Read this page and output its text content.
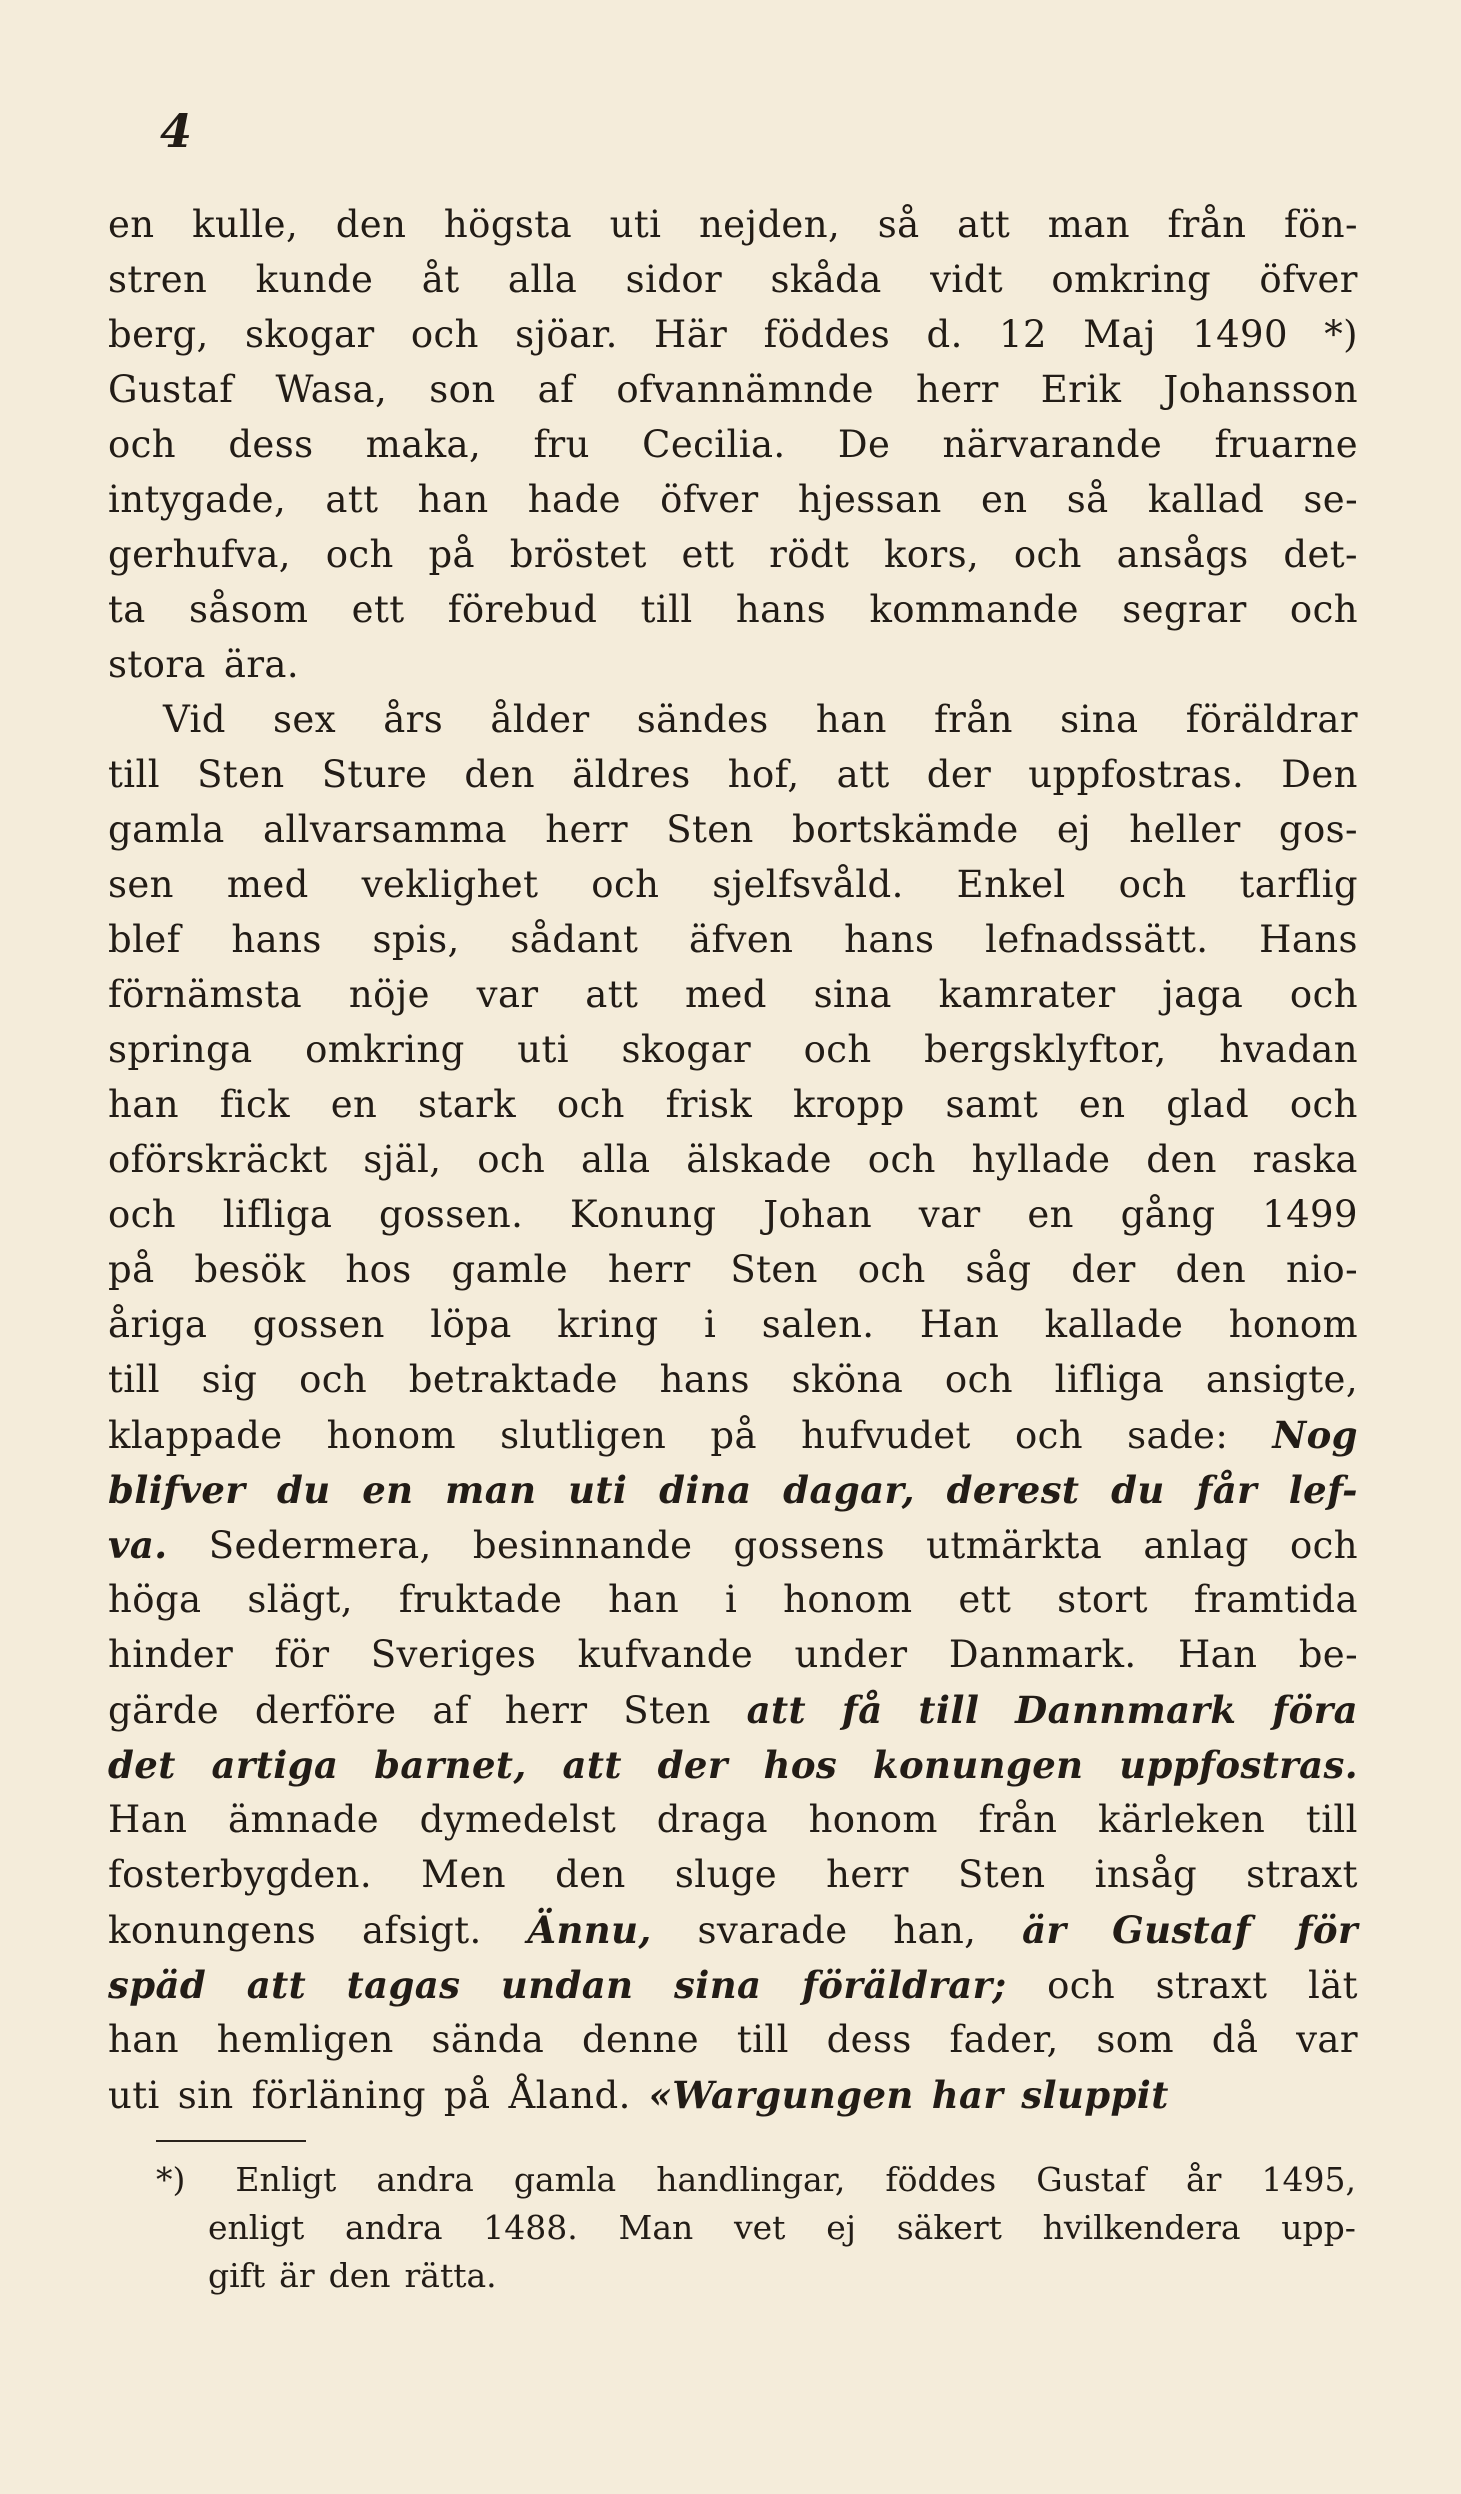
4
en kulle, den högsta uti nejden, så att man från fön-
stren kunde åt alla sidor skåda vidt omkring öfver
berg, skogar och sjöar. Här föddes d. 12 Maj 1490 *)
Gustaf Wasa, son af ofvannämnde herr Erik Johansson
och dess maka, fru Cecilia. De närvarande fruarne
intygade, att han hade öfver hjessan en så kallad se-
gerhufva, och på bröstet ett rödt kors, och ansågs det-
ta såsom ett förebud till hans kommande segrar och
stora ära.
Vid sex års ålder sändes han från sina föräldrar
till Sten Sture den äldres hof, att der uppfostras. Den
gamla allvarsamma herr Sten bortskämde ej heller gos-
sen med veklighet och sjelfsvåld. Enkel och tarflig
blef hans spis, sådant äfven hans lefnadssätt. Hans
förnämsta nöje var att med sina kamrater jaga och
springa omkring uti skogar och bergsklyftor, hvadan
han fick en stark och frisk kropp samt en glad och
oförskräckt själ, och alla älskade och hyllade den raska
och lifliga gossen. Konung Johan var en gång 1499
på besök hos gamle herr Sten och såg der den nio-
åriga gossen löpa kring i salen. Han kallade honom
till sig och betraktade hans sköna och lifliga ansigte,
klappade honom slutligen på hufvudet och sade: Nog
blifver du en man uti dina dagar, derest du får lef-
va. Sedermera, besinnande gossens utmärkta anlag och
höga slägt, fruktade han i honom ett stort framtida
hinder för Sveriges kufvande under Danmark. Han be-
gärde derföre af herr Sten att få till Dannmark föra
det artiga barnet, att der hos konungen uppfostras.
Han ämnade dymedelst draga honom från kärleken till
fosterbygden. Men den sluge herr Sten insåg straxt
konungens afsigt. Ännu, svarade han, är Gustaf för
späd att tagas undan sina föräldrar; och straxt lät
han hemligen sända denne till dess fader, som då var
uti sin förläning på Åland. «Wargungen har sluppit
*) Enligt andra gamla handlingar, föddes Gustaf år 1495,
enligt andra 1488. Man vet ej säkert hvilkendera upp-
gift är den rätta.
